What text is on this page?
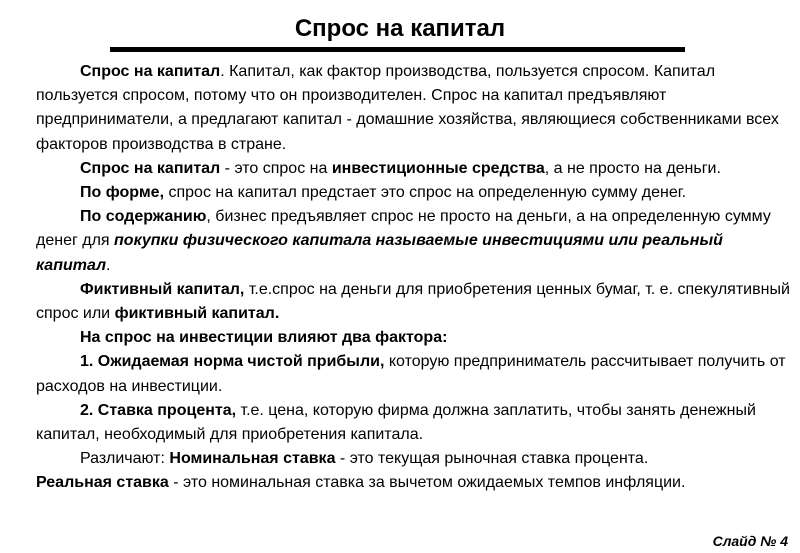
Спрос на капитал

Спрос на капитал. Капитал, как фактор производства, пользуется спросом. Капитал пользуется спросом, потому что он производителен. Спрос на капитал предъявляют предприниматели, а предлагают капитал - домашние хозяйства, являющиеся собственниками всех факторов производства в стране.

Спрос на капитал - это спрос на инвестиционные средства, а не просто на деньги.

По форме, спрос на капитал предстает это спрос на определенную сумму денег.

По содержанию, бизнес предъявляет спрос не просто на деньги, а на определенную сумму денег для покупки физического капитала называемые инвестициями или реальный капитал.

Фиктивный капитал, т.е.спрос на деньги для приобретения ценных бумаг, т. е. спекулятивный спрос или фиктивный капитал.

На спрос на инвестиции влияют два фактора:

1. Ожидаемая норма чистой прибыли, которую предприниматель рассчитывает получить от расходов на инвестиции.

2. Ставка процента, т.е. цена, которую фирма должна заплатить, чтобы занять денежный капитал, необходимый для приобретения капитала.

Различают: Номинальная ставка - это текущая рыночная ставка процента.

Реальная ставка - это номинальная ставка за вычетом ожидаемых темпов инфляции.

Слайд № 4
